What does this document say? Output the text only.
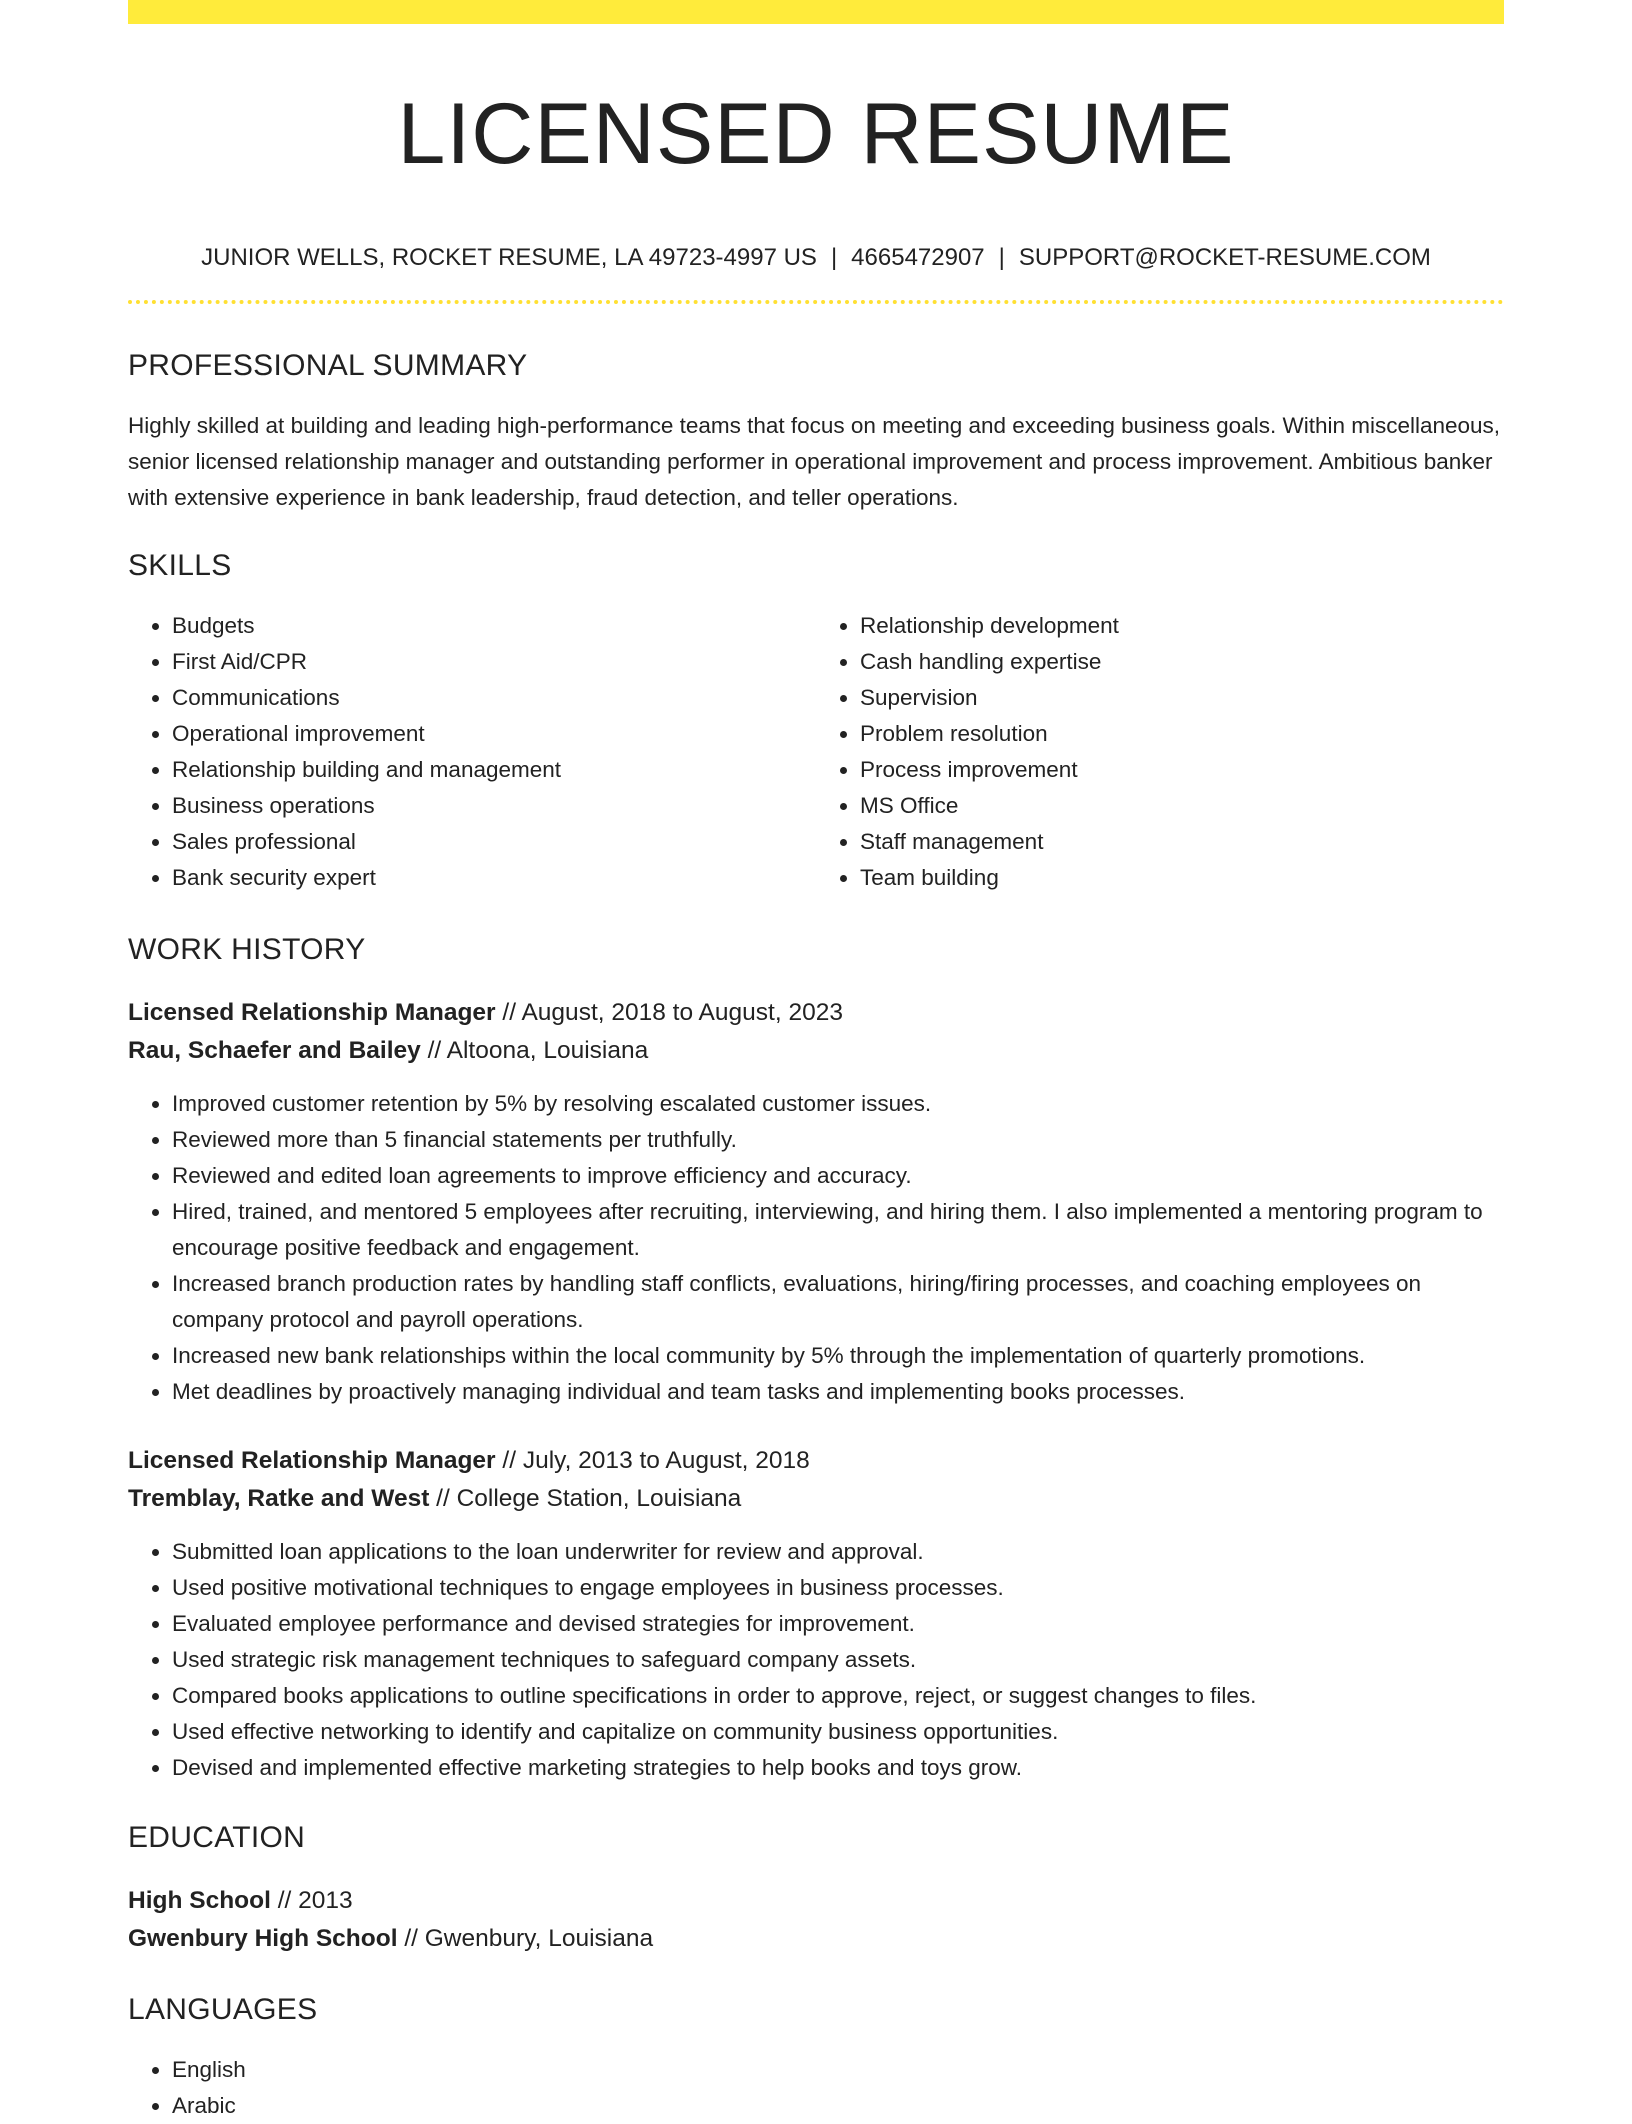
LICENSED RESUME
JUNIOR WELLS, ROCKET RESUME, LA 49723-4997 US | 4665472907 | SUPPORT@ROCKET-RESUME.COM
PROFESSIONAL SUMMARY

Highly skilled at building and leading high-performance teams that focus on meeting and exceeding business goals. Within miscellaneous, senior licensed relationship manager and outstanding performer in operational improvement and process improvement. Ambitious banker with extensive experience in bank leadership, fraud detection, and teller operations.

SKILLS
• Budgets
• First Aid/CPR
• Communications
• Operational improvement
• Relationship building and management
• Business operations
• Sales professional
• Bank security expert
• Relationship development
• Cash handling expertise
• Supervision
• Problem resolution
• Process improvement
• MS Office
• Staff management
• Team building
WORK HISTORY
Licensed Relationship Manager // August, 2018 to August, 2023
Rau, Schaefer and Bailey // Altoona, Louisiana
• Improved customer retention by 5% by resolving escalated customer issues.
• Reviewed more than 5 financial statements per truthfully.
• Reviewed and edited loan agreements to improve efficiency and accuracy.
• Hired, trained, and mentored 5 employees after recruiting, interviewing, and hiring them. I also implemented a mentoring program to encourage positive feedback and engagement.
• Increased branch production rates by handling staff conflicts, evaluations, hiring/firing processes, and coaching employees on company protocol and payroll operations.
• Increased new bank relationships within the local community by 5% through the implementation of quarterly promotions.
• Met deadlines by proactively managing individual and team tasks and implementing books processes.
Licensed Relationship Manager // July, 2013 to August, 2018
Tremblay, Ratke and West // College Station, Louisiana
• Submitted loan applications to the loan underwriter for review and approval.
• Used positive motivational techniques to engage employees in business processes.
• Evaluated employee performance and devised strategies for improvement.
• Used strategic risk management techniques to safeguard company assets.
• Compared books applications to outline specifications in order to approve, reject, or suggest changes to files.
• Used effective networking to identify and capitalize on community business opportunities.
• Devised and implemented effective marketing strategies to help books and toys grow.
EDUCATION
High School // 2013
Gwenbury High School // Gwenbury, Louisiana
LANGUAGES
• English
• Arabic
